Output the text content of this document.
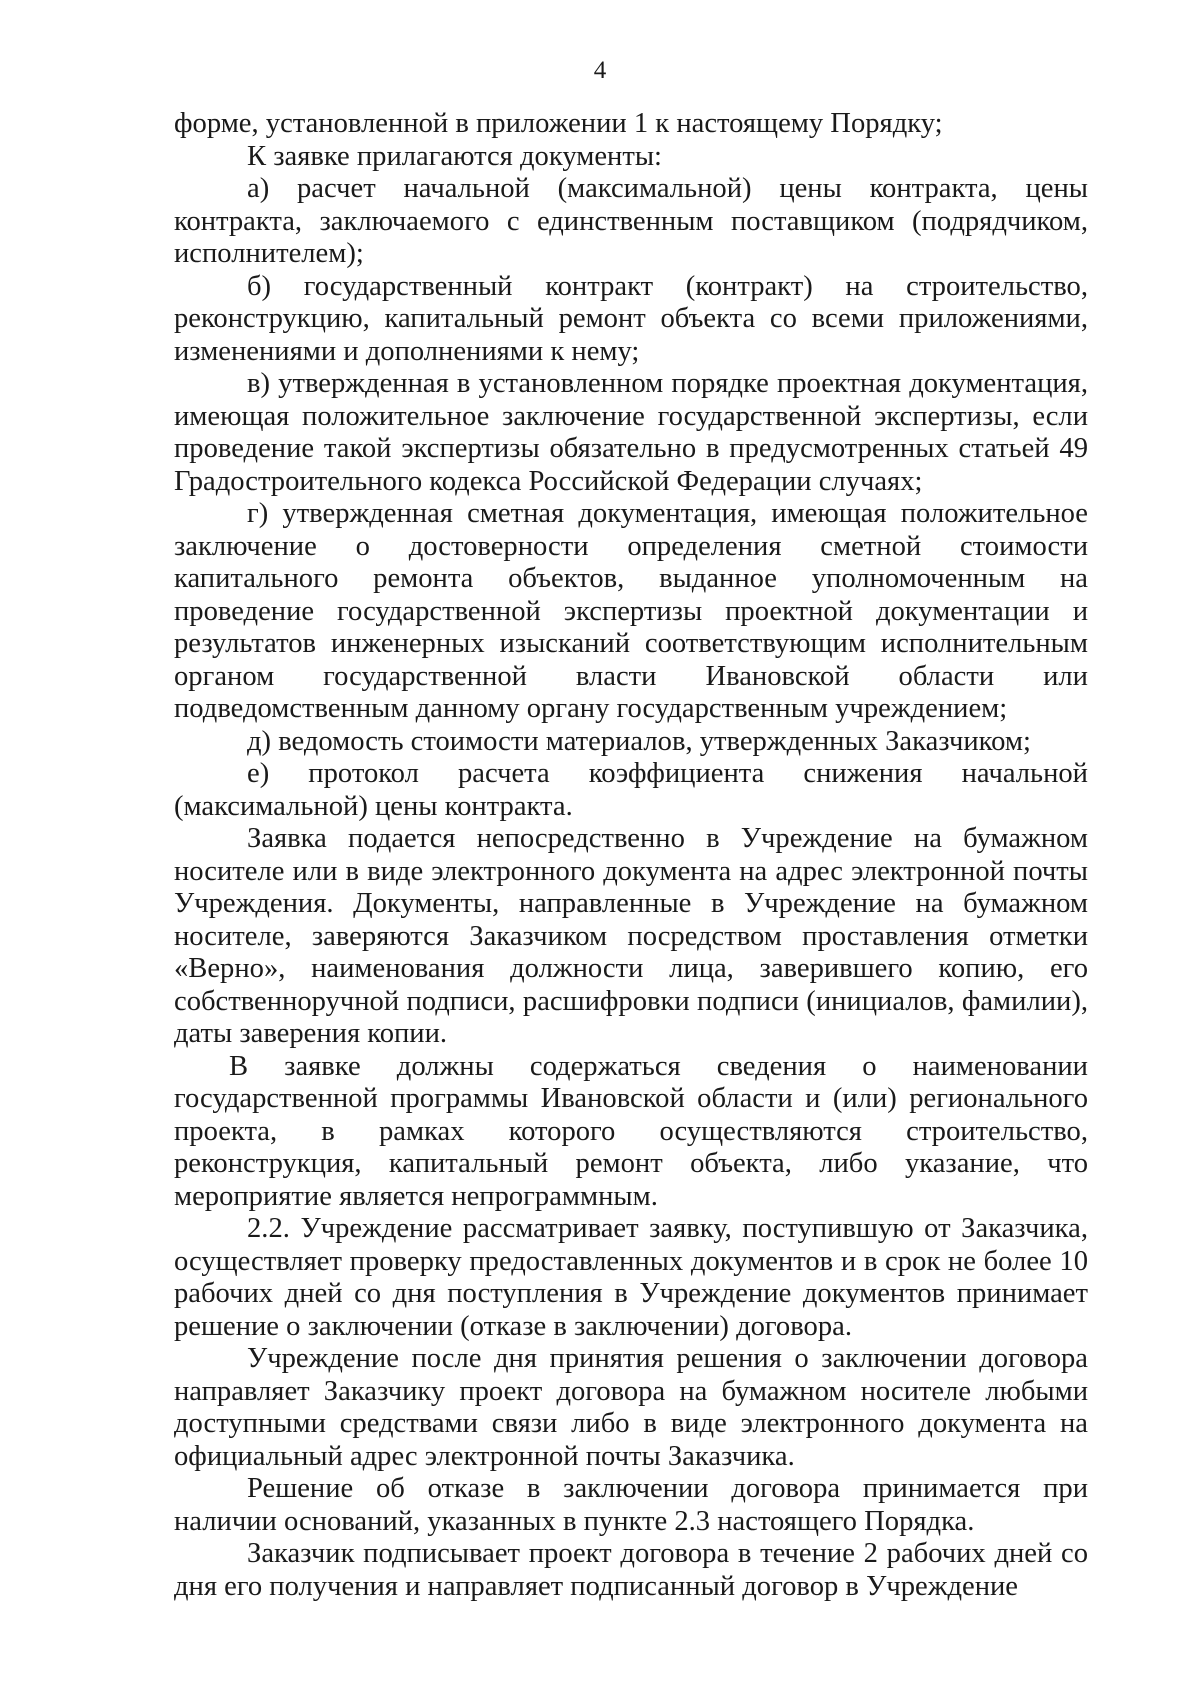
4

форме, установленной в приложении 1 к настоящему Порядку;

К заявке прилагаются документы:

а) расчет начальной (максимальной) цены контракта, цены контракта, заключаемого с единственным поставщиком (подрядчиком, исполнителем);

б) государственный контракт (контракт) на строительство, реконструкцию, капитальный ремонт объекта со всеми приложениями, изменениями и дополнениями к нему;

в) утвержденная в установленном порядке проектная документация, имеющая положительное заключение государственной экспертизы, если проведение такой экспертизы обязательно в предусмотренных статьей 49 Градостроительного кодекса Российской Федерации случаях;

г) утвержденная сметная документация, имеющая положительное заключение о достоверности определения сметной стоимости капитального ремонта объектов, выданное уполномоченным на проведение государственной экспертизы проектной документации и результатов инженерных изысканий соответствующим исполнительным органом государственной власти Ивановской области или подведомственным данному органу государственным учреждением;

д) ведомость стоимости материалов, утвержденных Заказчиком;

е) протокол расчета коэффициента снижения начальной (максимальной) цены контракта.

Заявка подается непосредственно в Учреждение на бумажном носителе или в виде электронного документа на адрес электронной почты Учреждения. Документы, направленные в Учреждение на бумажном носителе, заверяются Заказчиком посредством проставления отметки «Верно», наименования должности лица, заверившего копию, его собственноручной подписи, расшифровки подписи (инициалов, фамилии), даты заверения копии.

В заявке должны содержаться сведения о наименовании государственной программы Ивановской области и (или) регионального проекта, в рамках которого осуществляются строительство, реконструкция, капитальный ремонт объекта, либо указание, что мероприятие является непрограммным.

2.2. Учреждение рассматривает заявку, поступившую от Заказчика, осуществляет проверку предоставленных документов и в срок не более 10 рабочих дней со дня поступления в Учреждение документов принимает решение о заключении (отказе в заключении) договора.

Учреждение после дня принятия решения о заключении договора направляет Заказчику проект договора на бумажном носителе любыми доступными средствами связи либо в виде электронного документа на официальный адрес электронной почты Заказчика.

Решение об отказе в заключении договора принимается при наличии оснований, указанных в пункте 2.3 настоящего Порядка.

Заказчик подписывает проект договора в течение 2 рабочих дней со дня его получения и направляет подписанный договор в Учреждение
